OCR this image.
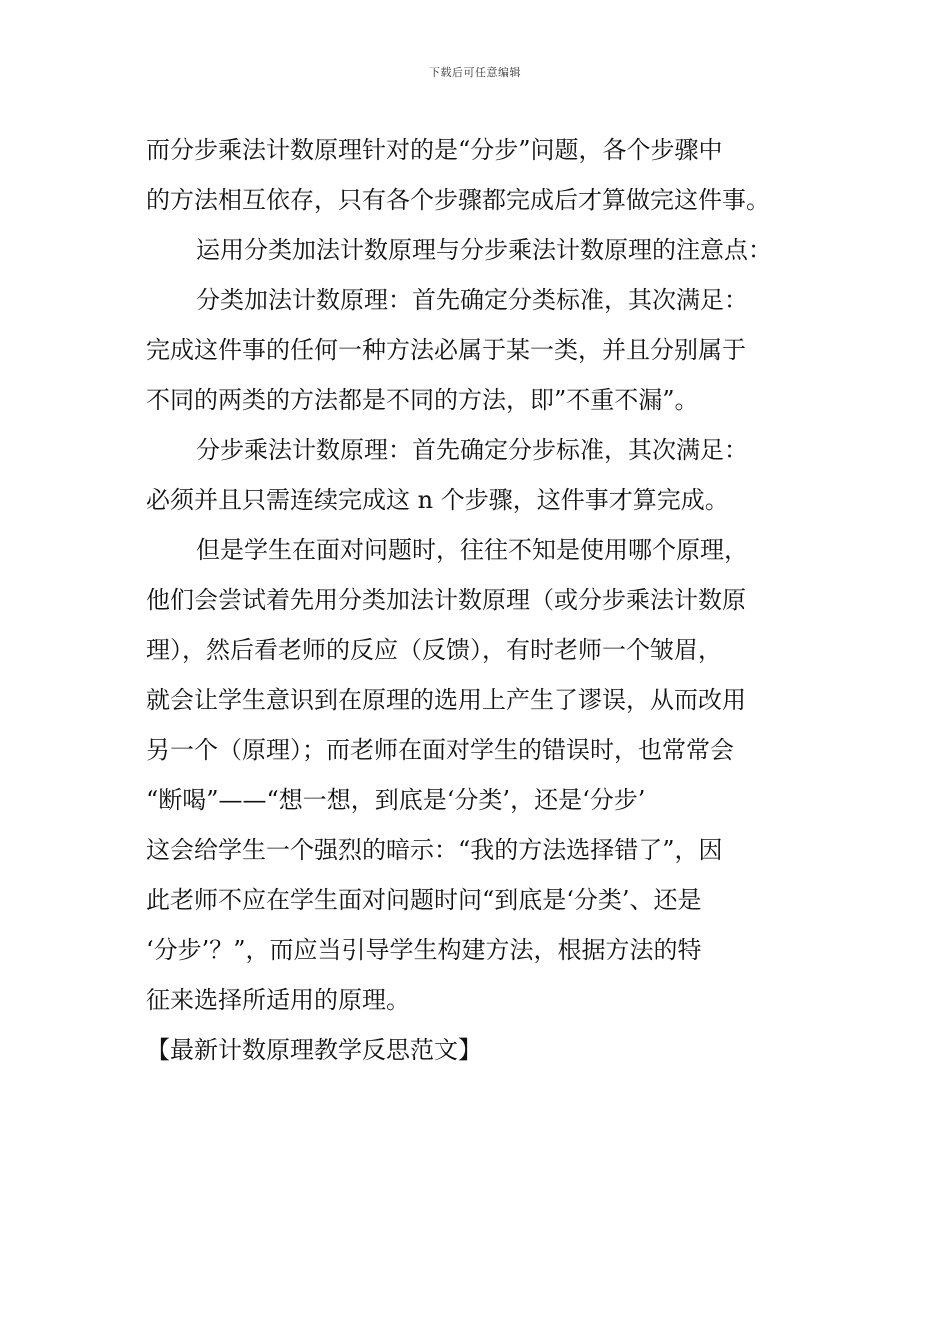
下载后可任意编辑
而分步乘法计数原理针对的是“分步”问题，各个步骤中
的方法相互依存，只有各个步骤都完成后才算做完这件事。
运用分类加法计数原理与分步乘法计数原理的注意点：
分类加法计数原理：首先确定分类标准，其次满足：
完成这件事的任何一种方法必属于某一类，并且分别属于
不同的两类的方法都是不同的方法，即”不重不漏”。
分步乘法计数原理：首先确定分步标准，其次满足：
必须并且只需连续完成这 n 个步骤，这件事才算完成。
但是学生在面对问题时，往往不知是使用哪个原理，
他们会尝试着先用分类加法计数原理（或分步乘法计数原
理），然后看老师的反应（反馈），有时老师一个皱眉，
就会让学生意识到在原理的选用上产生了谬误，从而改用
另一个（原理）；而老师在面对学生的错误时，也常常会
“断喝”——“想一想，到底是‘分类’，还是‘分步’
这会给学生一个强烈的暗示：“我的方法选择错了”，因
此老师不应在学生面对问题时问“到底是‘分类’、还是
‘分步’？”，而应当引导学生构建方法，根据方法的特
征来选择所适用的原理。
【最新计数原理教学反思范文】
